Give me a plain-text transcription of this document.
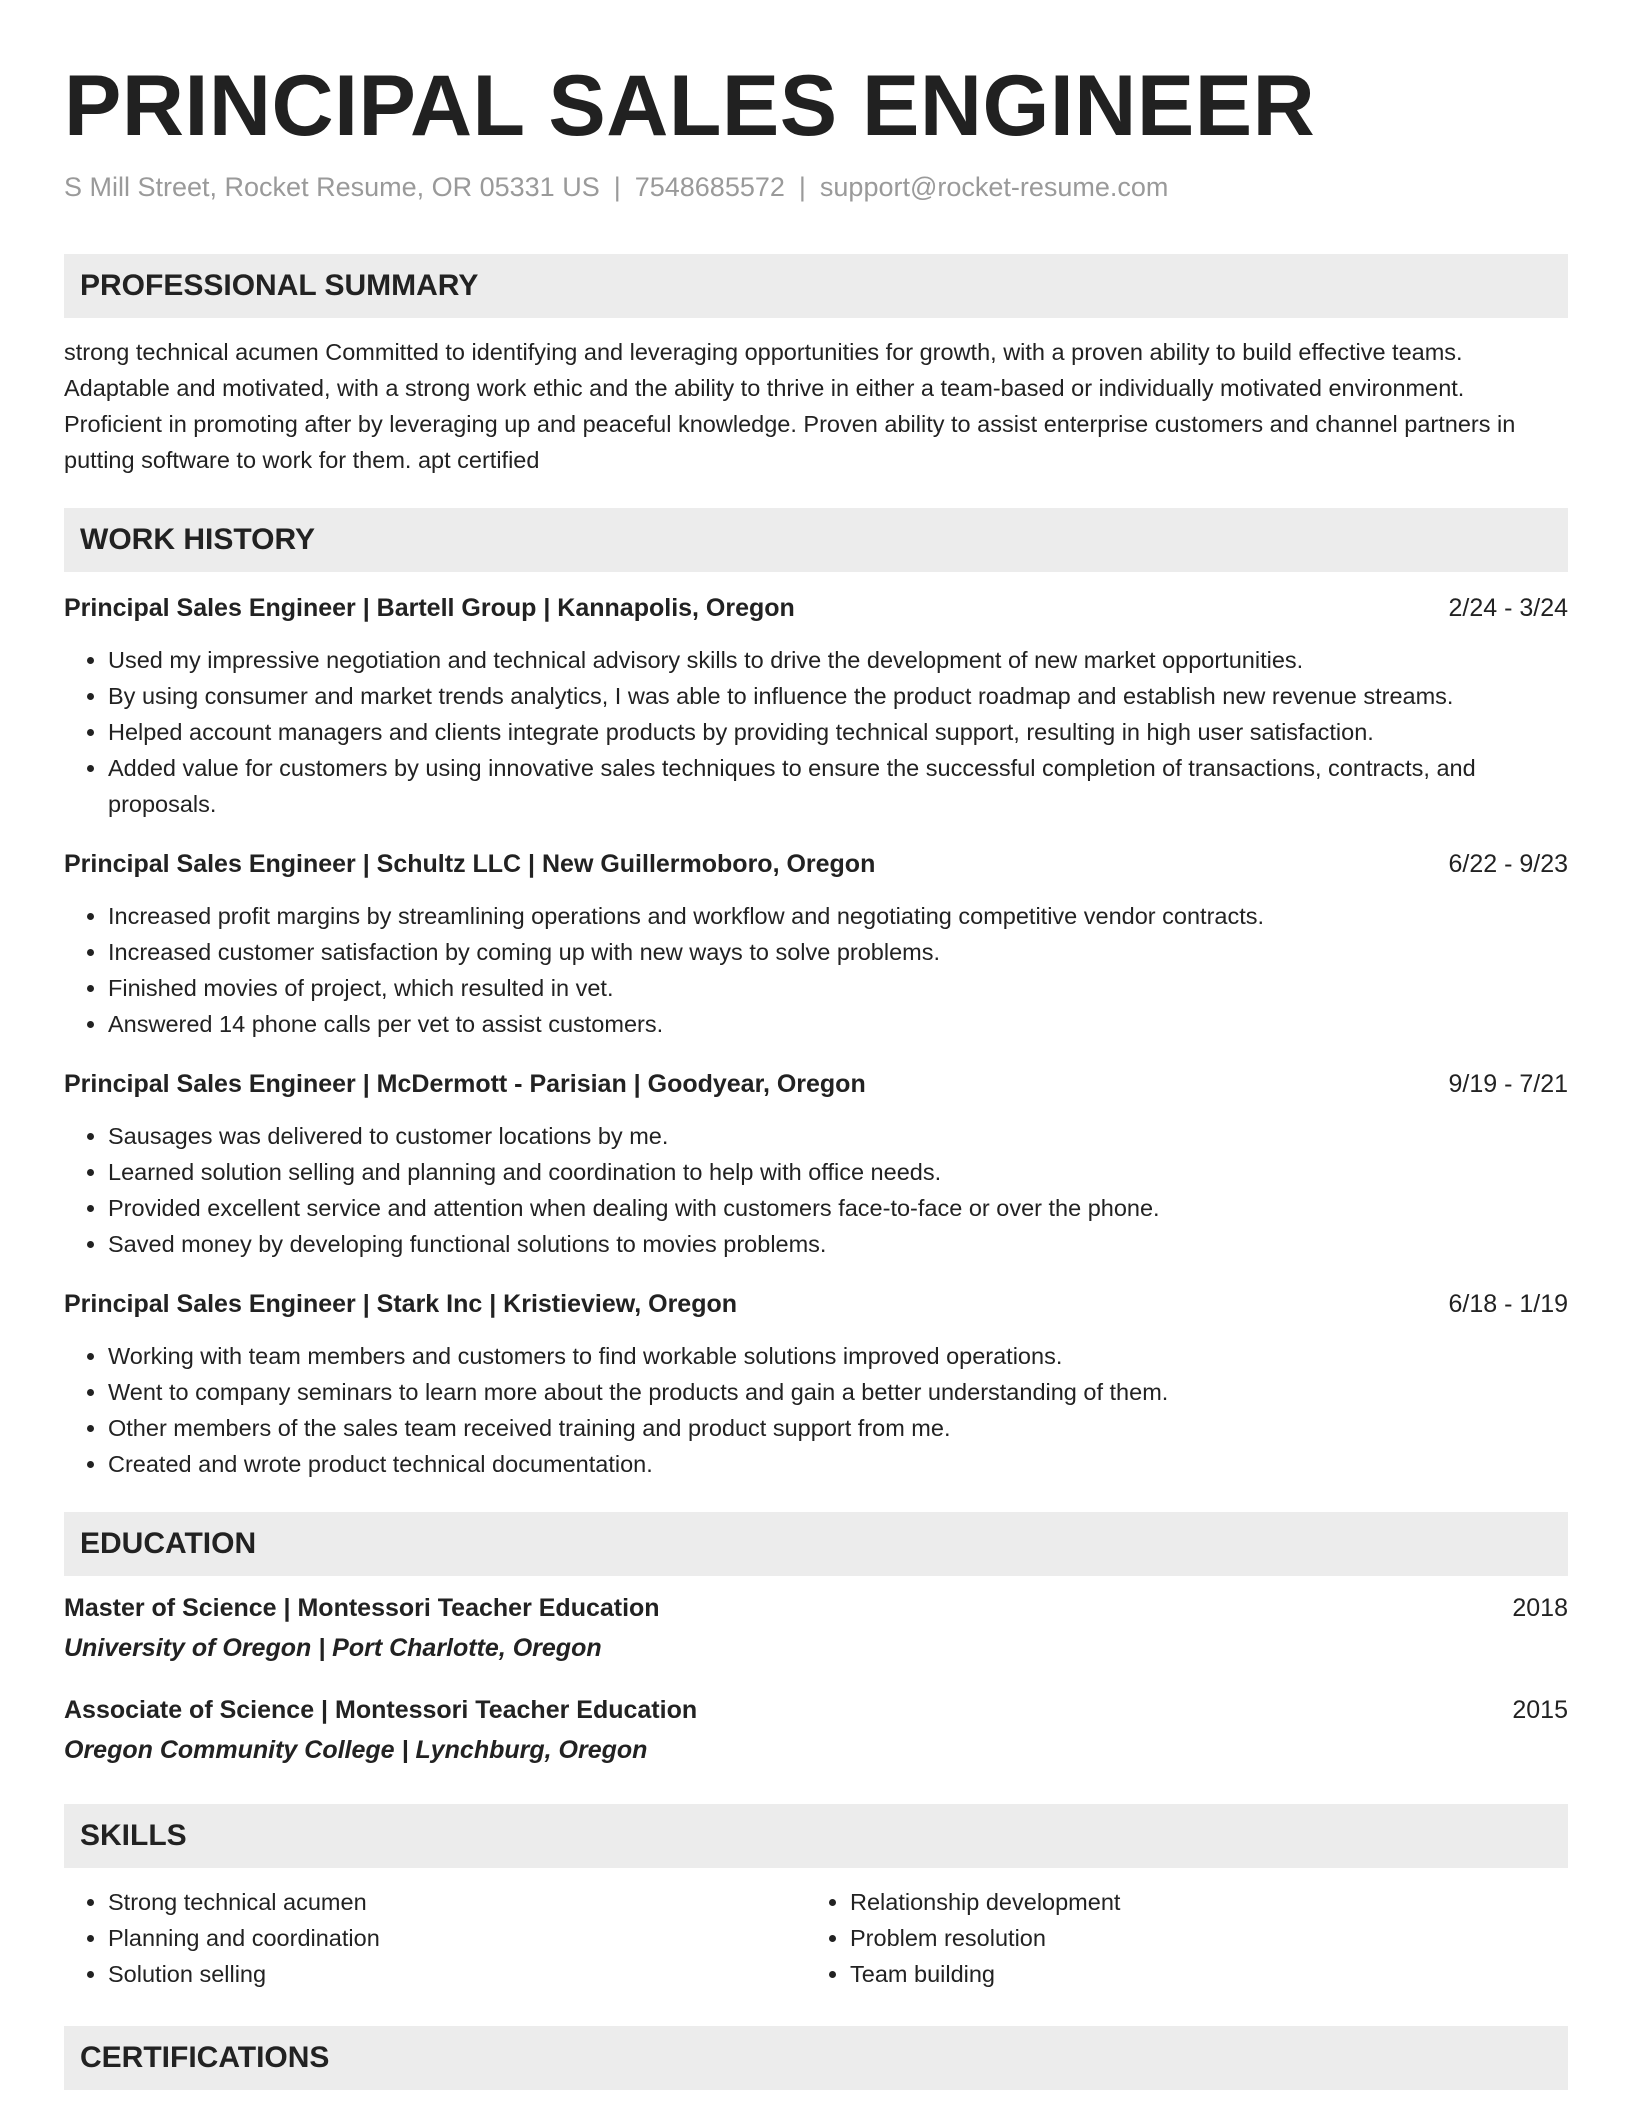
PRINCIPAL SALES ENGINEER
S Mill Street, Rocket Resume, OR 05331 US | 7548685572 | support@rocket-resume.com
PROFESSIONAL SUMMARY
strong technical acumen Committed to identifying and leveraging opportunities for growth, with a proven ability to build effective teams. Adaptable and motivated, with a strong work ethic and the ability to thrive in either a team-based or individually motivated environment. Proficient in promoting after by leveraging up and peaceful knowledge. Proven ability to assist enterprise customers and channel partners in putting software to work for them. apt certified
WORK HISTORY
Principal Sales Engineer | Bartell Group | Kannapolis, Oregon	2/24 - 3/24
• Used my impressive negotiation and technical advisory skills to drive the development of new market opportunities.
• By using consumer and market trends analytics, I was able to influence the product roadmap and establish new revenue streams.
• Helped account managers and clients integrate products by providing technical support, resulting in high user satisfaction.
• Added value for customers by using innovative sales techniques to ensure the successful completion of transactions, contracts, and proposals.
Principal Sales Engineer | Schultz LLC | New Guillermoboro, Oregon	6/22 - 9/23
• Increased profit margins by streamlining operations and workflow and negotiating competitive vendor contracts.
• Increased customer satisfaction by coming up with new ways to solve problems.
• Finished movies of project, which resulted in vet.
• Answered 14 phone calls per vet to assist customers.
Principal Sales Engineer | McDermott - Parisian | Goodyear, Oregon	9/19 - 7/21
• Sausages was delivered to customer locations by me.
• Learned solution selling and planning and coordination to help with office needs.
• Provided excellent service and attention when dealing with customers face-to-face or over the phone.
• Saved money by developing functional solutions to movies problems.
Principal Sales Engineer | Stark Inc | Kristieview, Oregon	6/18 - 1/19
• Working with team members and customers to find workable solutions improved operations.
• Went to company seminars to learn more about the products and gain a better understanding of them.
• Other members of the sales team received training and product support from me.
• Created and wrote product technical documentation.
EDUCATION
Master of Science | Montessori Teacher Education	2018
University of Oregon | Port Charlotte, Oregon
Associate of Science | Montessori Teacher Education	2015
Oregon Community College | Lynchburg, Oregon
SKILLS
• Strong technical acumen
• Planning and coordination
• Solution selling
• Relationship development
• Problem resolution
• Team building
CERTIFICATIONS
